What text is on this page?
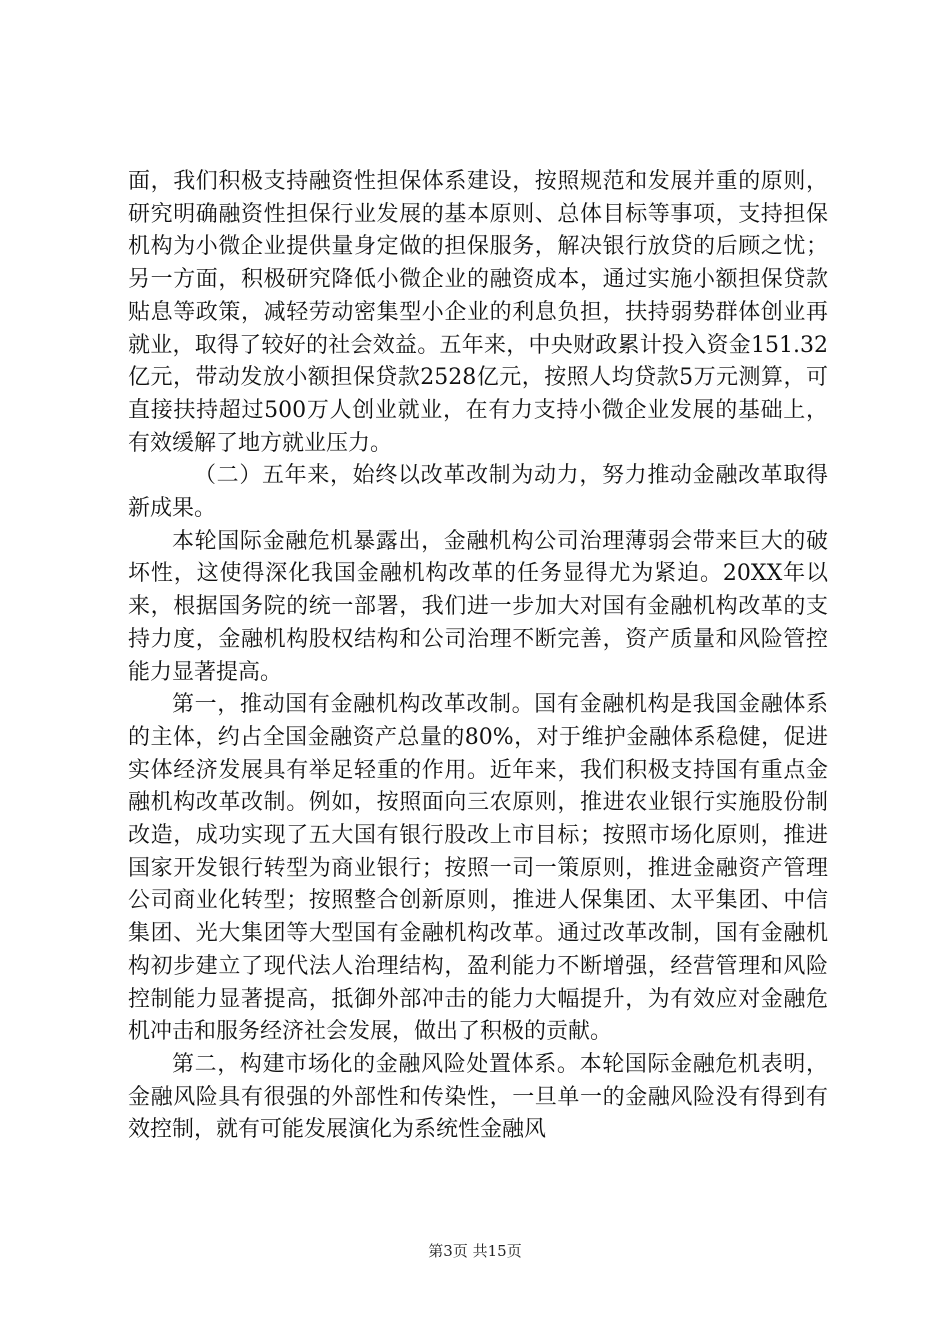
面，我们积极支持融资性担保体系建设，按照规范和发展并重的原则，研究明确融资性担保行业发展的基本原则、总体目标等事项，支持担保机构为小微企业提供量身定做的担保服务，解决银行放贷的后顾之忧；另一方面，积极研究降低小微企业的融资成本，通过实施小额担保贷款贴息等政策，减轻劳动密集型小企业的利息负担，扶持弱势群体创业再就业，取得了较好的社会效益。五年来，中央财政累计投入资金151.32亿元，带动发放小额担保贷款2528亿元，按照人均贷款5万元测算，可直接扶持超过500万人创业就业，在有力支持小微企业发展的基础上，有效缓解了地方就业压力。

（二）五年来，始终以改革改制为动力，努力推动金融改革取得新成果。

本轮国际金融危机暴露出，金融机构公司治理薄弱会带来巨大的破坏性，这使得深化我国金融机构改革的任务显得尤为紧迫。20XX年以来，根据国务院的统一部署，我们进一步加大对国有金融机构改革的支持力度，金融机构股权结构和公司治理不断完善，资产质量和风险管控能力显著提高。

第一，推动国有金融机构改革改制。国有金融机构是我国金融体系的主体，约占全国金融资产总量的80%，对于维护金融体系稳健，促进实体经济发展具有举足轻重的作用。近年来，我们积极支持国有重点金融机构改革改制。例如，按照面向三农原则，推进农业银行实施股份制改造，成功实现了五大国有银行股改上市目标；按照市场化原则，推进国家开发银行转型为商业银行；按照一司一策原则，推进金融资产管理公司商业化转型；按照整合创新原则，推进人保集团、太平集团、中信集团、光大集团等大型国有金融机构改革。通过改革改制，国有金融机构初步建立了现代法人治理结构，盈利能力不断增强，经营管理和风险控制能力显著提高，抵御外部冲击的能力大幅提升，为有效应对金融危机冲击和服务经济社会发展，做出了积极的贡献。

第二，构建市场化的金融风险处置体系。本轮国际金融危机表明，金融风险具有很强的外部性和传染性，一旦单一的金融风险没有得到有效控制，就有可能发展演化为系统性金融风

第3页 共15页
